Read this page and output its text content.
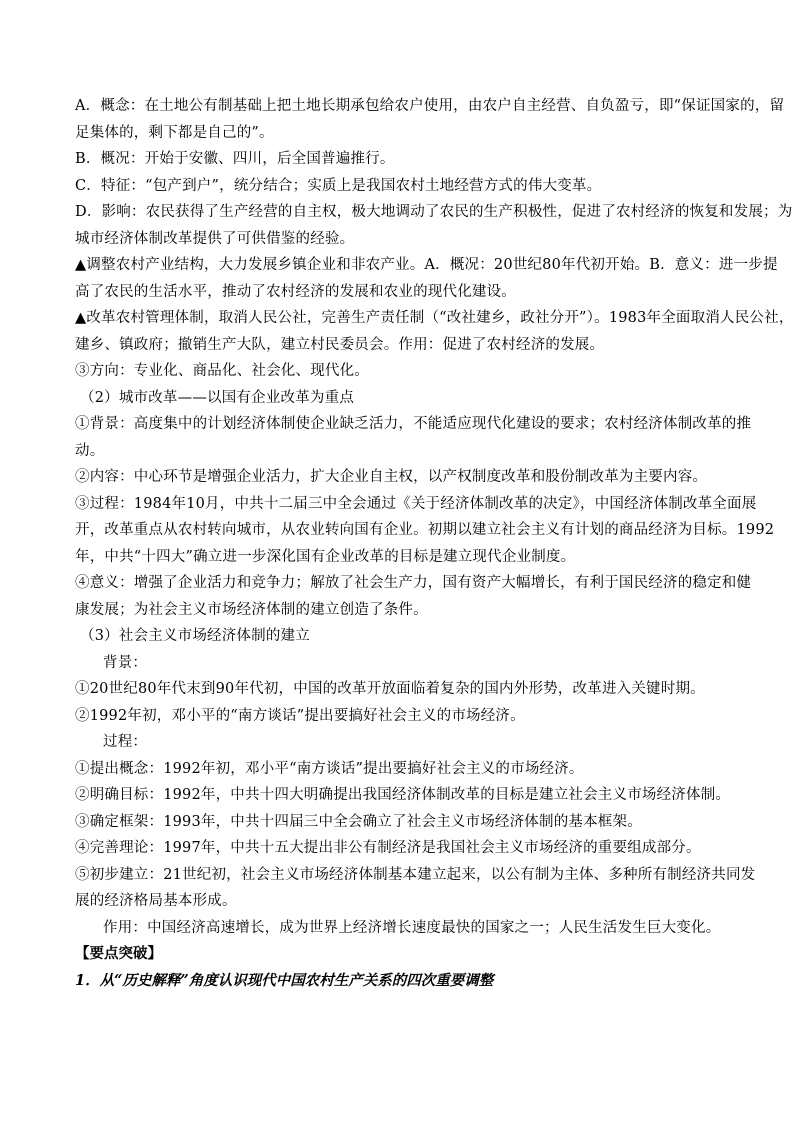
A．概念：在土地公有制基础上把土地长期承包给农户使用，由农户自主经营、自负盈亏，即“保证国家的，留
足集体的，剩下都是自己的”。
B．概况：开始于安徽、四川，后全国普遍推行。
C．特征：“包产到户”，统分结合；实质上是我国农村土地经营方式的伟大变革。
D．影响：农民获得了生产经营的自主权，极大地调动了农民的生产积极性，促进了农村经济的恢复和发展；为
城市经济体制改革提供了可供借鉴的经验。
▲调整农村产业结构，大力发展乡镇企业和非农产业。A．概况：20世纪80年代初开始。B．意义：进一步提
高了农民的生活水平，推动了农村经济的发展和农业的现代化建设。
▲改革农村管理体制，取消人民公社，完善生产责任制（“改社建乡，政社分开”）。1983年全面取消人民公社，
建乡、镇政府；撤销生产大队，建立村民委员会。作用：促进了农村经济的发展。
③方向：专业化、商品化、社会化、现代化。
（2）城市改革——以国有企业改革为重点
①背景：高度集中的计划经济体制使企业缺乏活力，不能适应现代化建设的要求；农村经济体制改革的推
动。
②内容：中心环节是增强企业活力，扩大企业自主权，以产权制度改革和股份制改革为主要内容。
③过程：1984年10月，中共十二届三中全会通过《关于经济体制改革的决定》，中国经济体制改革全面展
开，改革重点从农村转向城市，从农业转向国有企业。初期以建立社会主义有计划的商品经济为目标。1992
年，中共“十四大”确立进一步深化国有企业改革的目标是建立现代企业制度。
④意义：增强了企业活力和竞争力；解放了社会生产力，国有资产大幅增长，有利于国民经济的稳定和健
康发展；为社会主义市场经济体制的建立创造了条件。
（3）社会主义市场经济体制的建立
背景：
①20世纪80年代末到90年代初，中国的改革开放面临着复杂的国内外形势，改革进入关键时期。
②1992年初，邓小平的“南方谈话”提出要搞好社会主义的市场经济。
过程：
①提出概念：1992年初，邓小平“南方谈话”提出要搞好社会主义的市场经济。
②明确目标：1992年，中共十四大明确提出我国经济体制改革的目标是建立社会主义市场经济体制。
③确定框架：1993年，中共十四届三中全会确立了社会主义市场经济体制的基本框架。
④完善理论：1997年，中共十五大提出非公有制经济是我国社会主义市场经济的重要组成部分。
⑤初步建立：21世纪初，社会主义市场经济体制基本建立起来，以公有制为主体、多种所有制经济共同发
展的经济格局基本形成。
作用：中国经济高速增长，成为世界上经济增长速度最快的国家之一；人民生活发生巨大变化。
【要点突破】
1．从“历史解释”角度认识现代中国农村生产关系的四次重要调整
